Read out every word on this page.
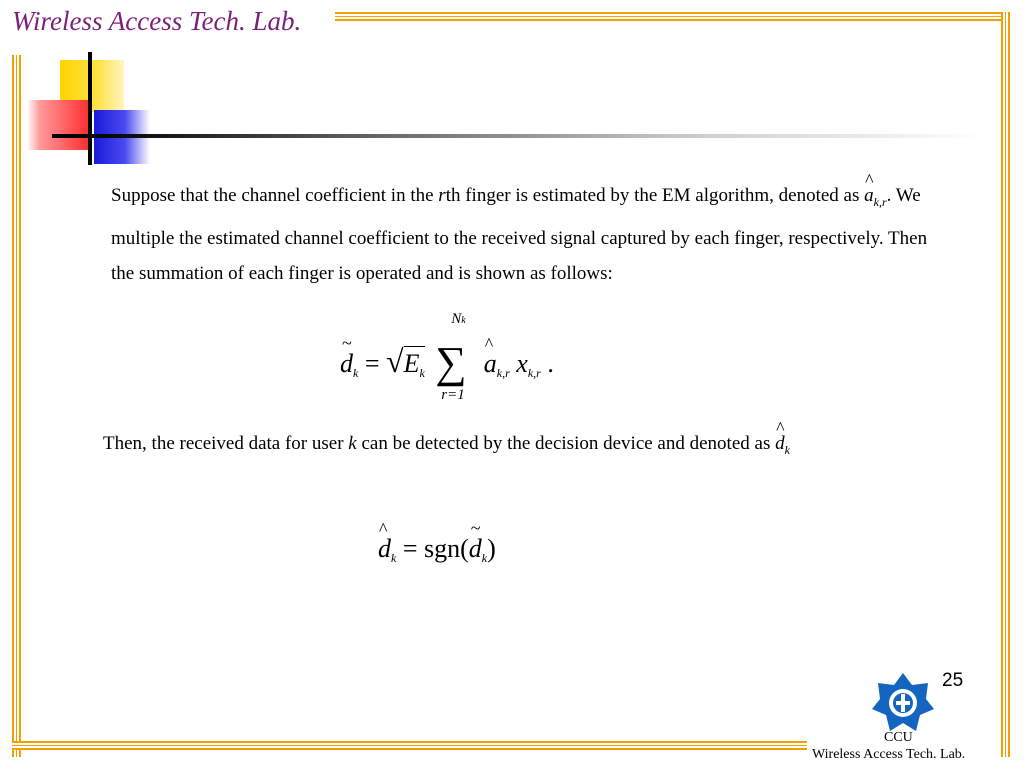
Wireless Access Tech. Lab.
Suppose that the channel coefficient in the rth finger is estimated by the EM algorithm, denoted as a
^
$_{k,r}$. We multiple the estimated channel coefficient to the received signal captured by each finger, respectively. Then the summation of each finger is operated and is shown as follows:
d
~
$_k = √E_k$ ∑
Nk
r=1
a
^
$_{k,r}$ $x_{k,r}$ .
Then, the received data for user k can be detected by the decision device and denoted as d
^
$_k$
d
^
$_k$ = sgn(d
~
$_k$)
25
CCU
Wireless Access Tech. Lab.
